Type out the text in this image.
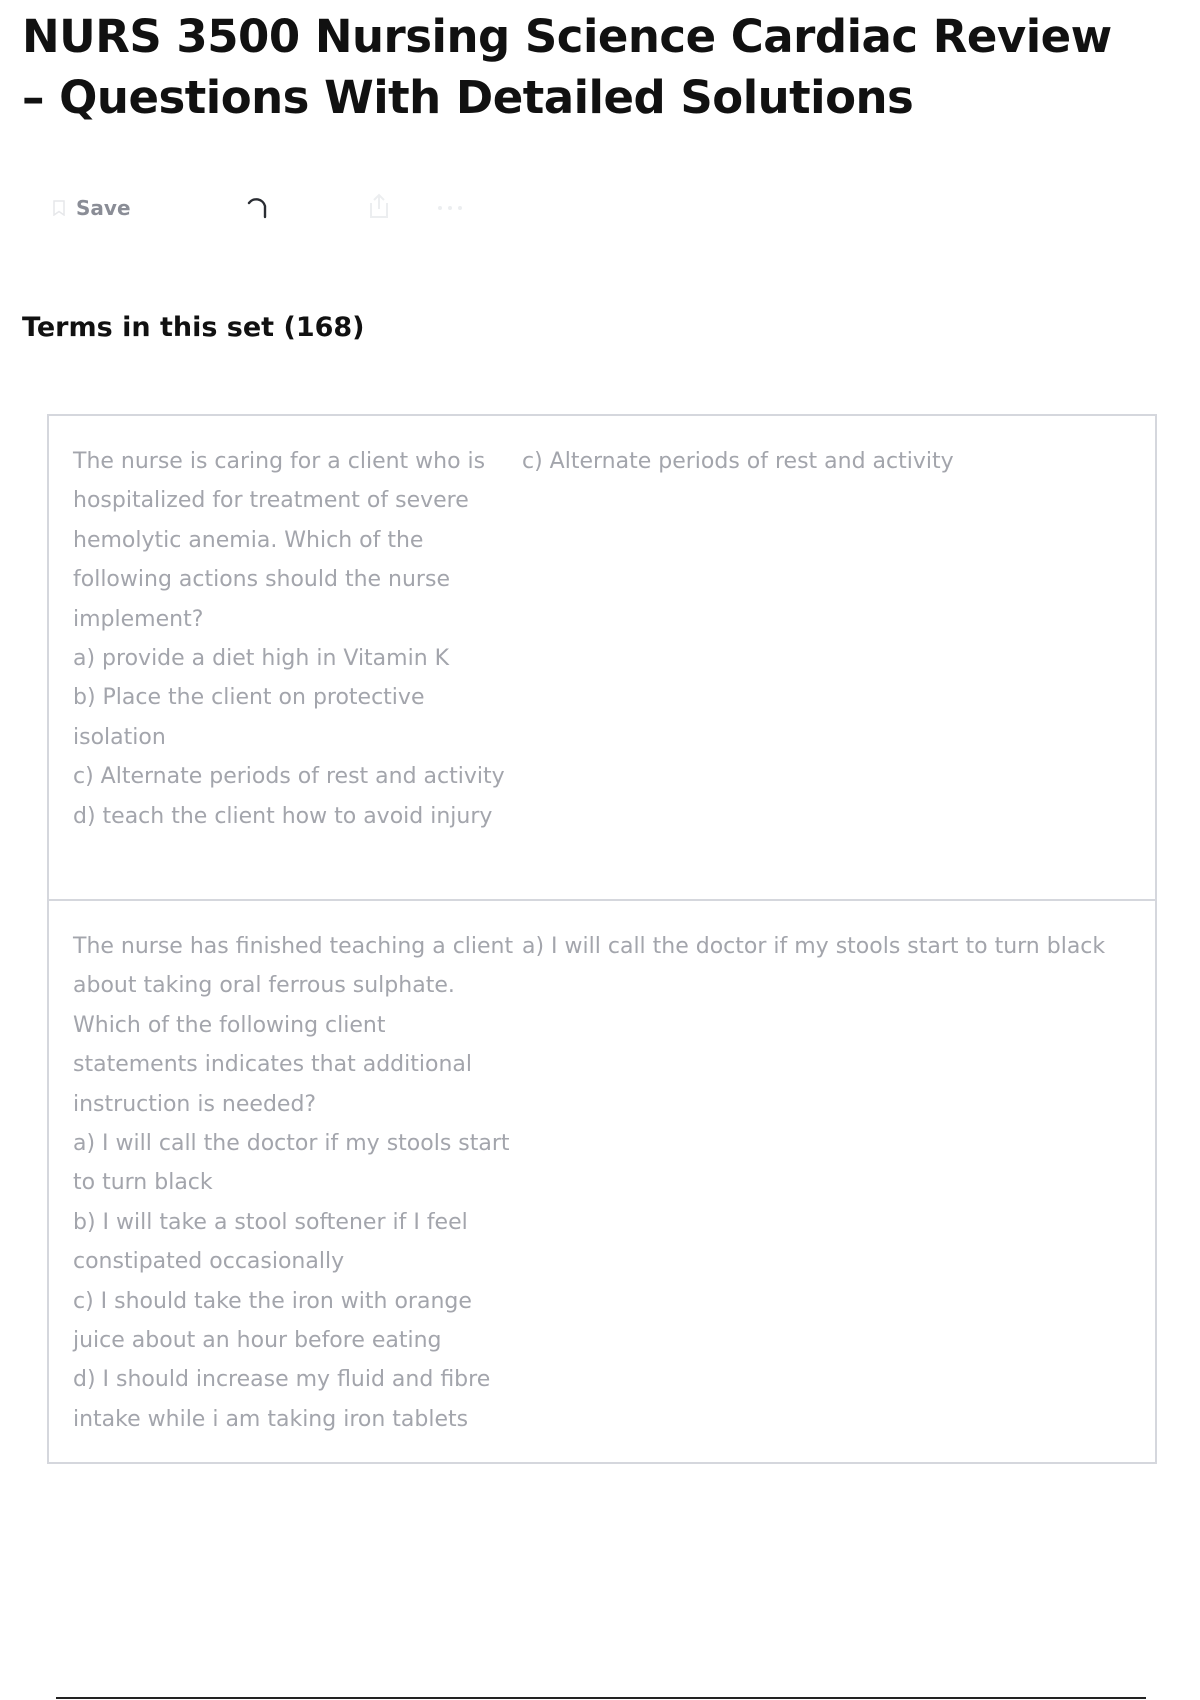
NURS 3500 Nursing Science Cardiac Review – Questions With Detailed Solutions
Save
Terms in this set (168)
The nurse is caring for a client who is hospitalized for treatment of severe hemolytic anemia. Which of the following actions should the nurse implement?
a) provide a diet high in Vitamin K
b) Place the client on protective isolation
c) Alternate periods of rest and activity
d) teach the client how to avoid injury
c) Alternate periods of rest and activity
The nurse has finished teaching a client about taking oral ferrous sulphate. Which of the following client statements indicates that additional instruction is needed?
a) I will call the doctor if my stools start to turn black
b) I will take a stool softener if I feel constipated occasionally
c) I should take the iron with orange juice about an hour before eating
d) I should increase my fluid and fibre intake while i am taking iron tablets
a) I will call the doctor if my stools start to turn black
